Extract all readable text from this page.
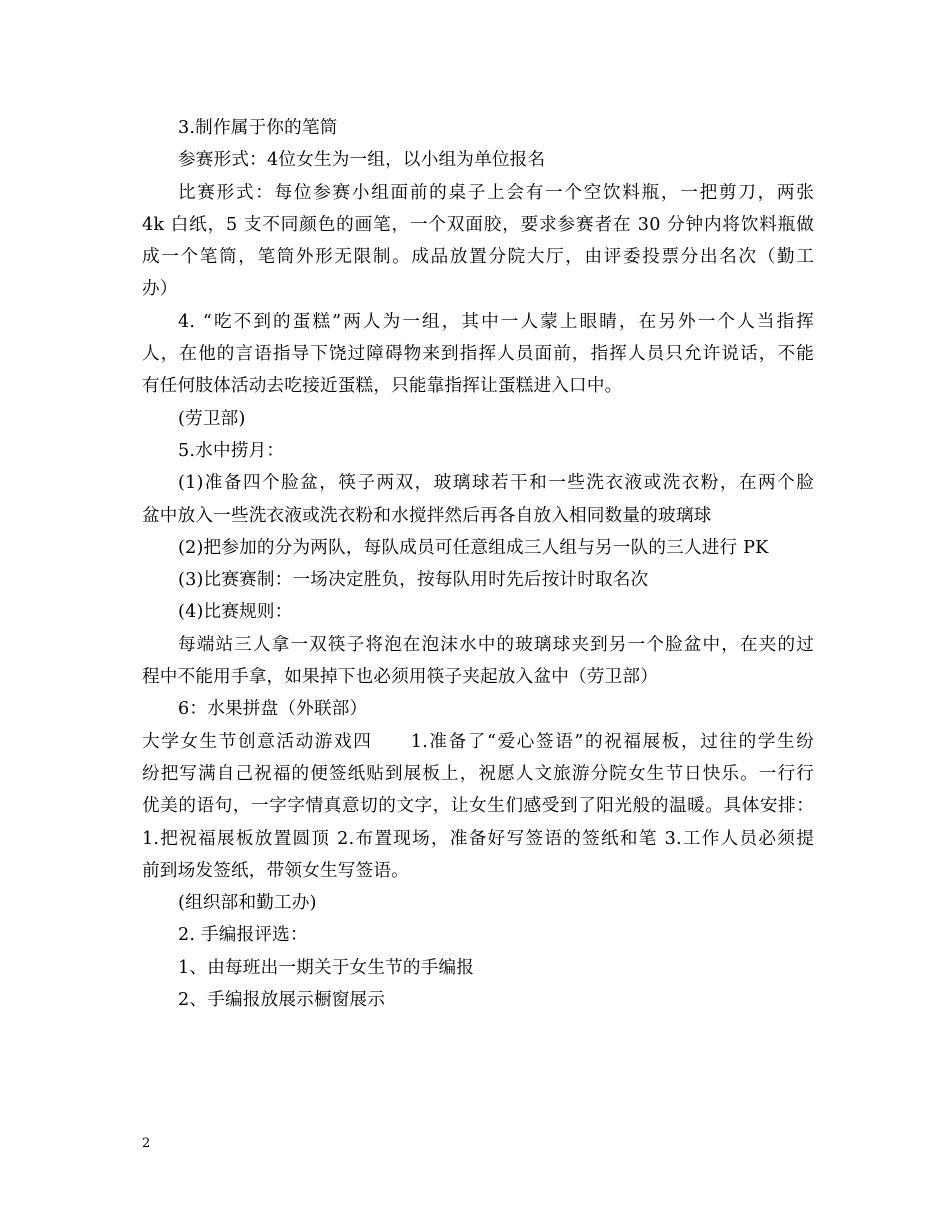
3.制作属于你的笔筒
参赛形式：4位女生为一组，以小组为单位报名
比赛形式：每位参赛小组面前的桌子上会有一个空饮料瓶，一把剪刀，两张
4k 白纸，5 支不同颜色的画笔，一个双面胶，要求参赛者在 30 分钟内将饮料瓶做
成一个笔筒，笔筒外形无限制。成品放置分院大厅，由评委投票分出名次（勤工
办）
4. “吃不到的蛋糕”两人为一组，其中一人蒙上眼睛，在另外一个人当指挥
人，在他的言语指导下饶过障碍物来到指挥人员面前，指挥人员只允许说话，不能
有任何肢体活动去吃接近蛋糕，只能靠指挥让蛋糕进入口中。
(劳卫部)
5.水中捞月：
(1)准备四个脸盆，筷子两双，玻璃球若干和一些洗衣液或洗衣粉，在两个脸
盆中放入一些洗衣液或洗衣粉和水搅拌然后再各自放入相同数量的玻璃球
(2)把参加的分为两队，每队成员可任意组成三人组与另一队的三人进行 PK
(3)比赛赛制：一场决定胜负，按每队用时先后按计时取名次
(4)比赛规则：
每端站三人拿一双筷子将泡在泡沫水中的玻璃球夹到另一个脸盆中，在夹的过
程中不能用手拿，如果掉下也必须用筷子夹起放入盆中（劳卫部）
6：水果拼盘（外联部）
大学女生节创意活动游戏四　　1.准备了“爱心签语”的祝福展板，过往的学生纷
纷把写满自己祝福的便签纸贴到展板上，祝愿人文旅游分院女生节日快乐。一行行
优美的语句，一字字情真意切的文字，让女生们感受到了阳光般的温暖。具体安排：
1.把祝福展板放置圆顶 2.布置现场，准备好写签语的签纸和笔 3.工作人员必须提
前到场发签纸，带领女生写签语。
(组织部和勤工办)
2. 手编报评选：
1、由每班出一期关于女生节的手编报
2、手编报放展示橱窗展示
2
